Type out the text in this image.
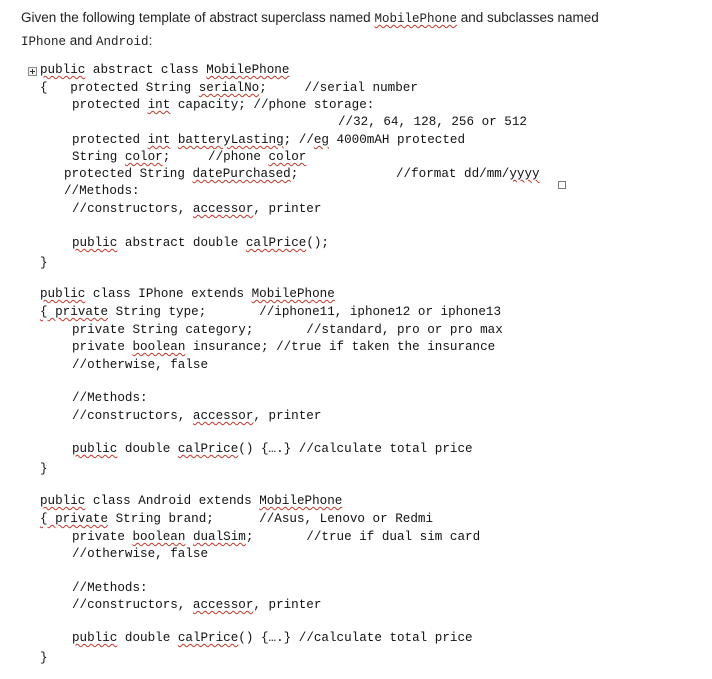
Given the following template of abstract superclass named MobilePhone and subclasses named
IPhone and Android:
public abstract class MobilePhone
{   protected String serialNo;     //serial number
protected int capacity; //phone storage:
//32, 64, 128, 256 or 512
protected int batteryLasting; //eg 4000mAH protected
String color;     //phone color
protected String datePurchased;	//format dd/mm/yyyy
//Methods:
//constructors, accessor, printer
public abstract double calPrice();
}
public class IPhone extends MobilePhone
{ private String type;       //iphone11, iphone12 or iphone13
private String category;       //standard, pro or pro max
private boolean insurance; //true if taken the insurance
//otherwise, false
//Methods:
//constructors, accessor, printer
public double calPrice() {….} //calculate total price
}
public class Android extends MobilePhone
{ private String brand;      //Asus, Lenovo or Redmi
private boolean dualSim;       //true if dual sim card
//otherwise, false
//Methods:
//constructors, accessor, printer
public double calPrice() {….} //calculate total price
}
